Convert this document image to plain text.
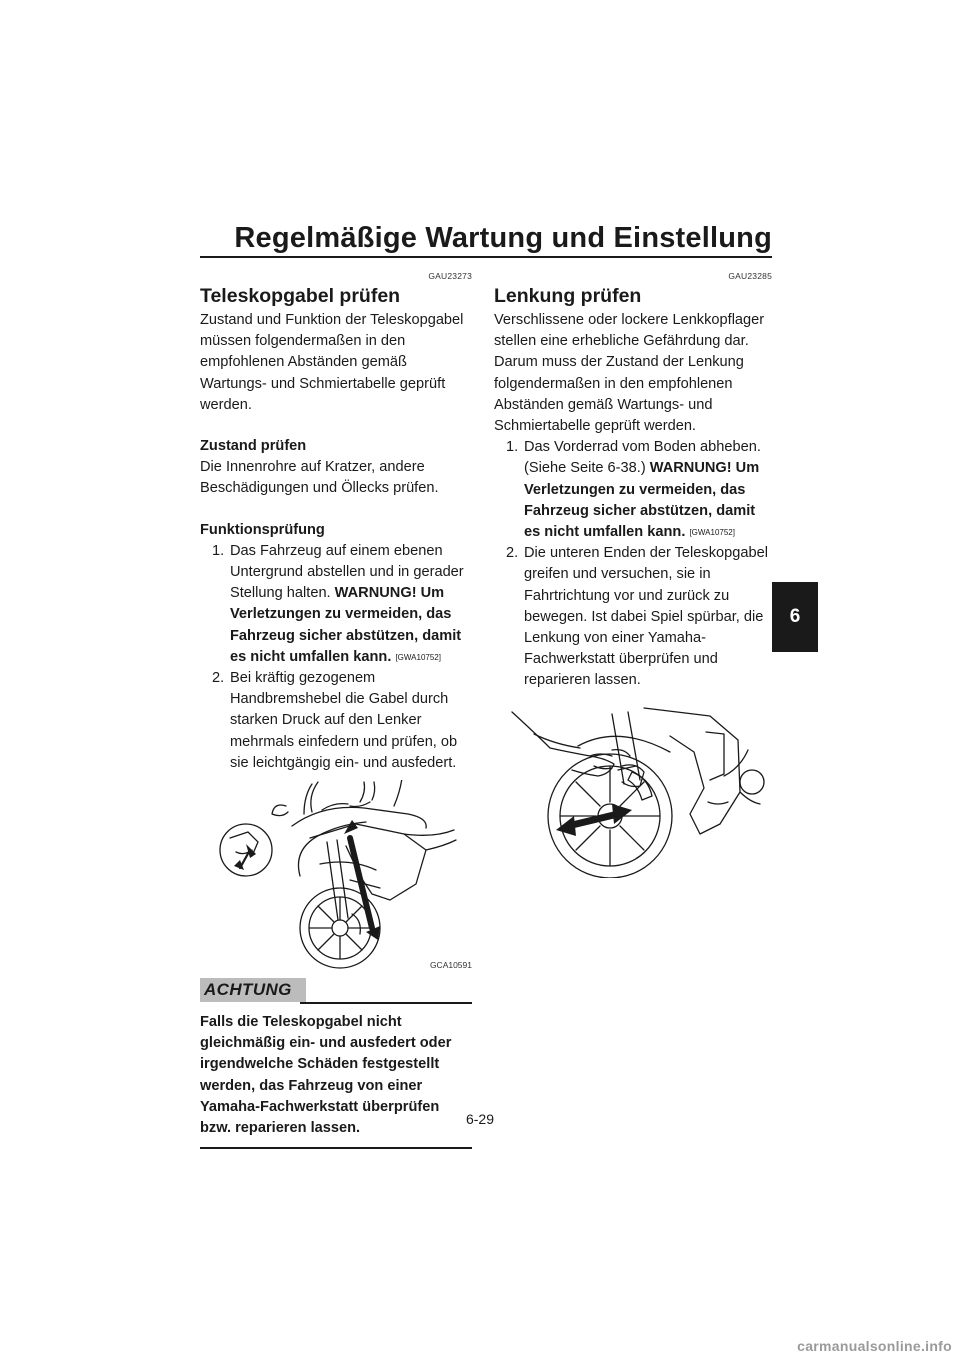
Regelmäßige Wartung und Einstellung
6
GAU23273
Teleskopgabel prüfen

Zustand und Funktion der Teleskopgabel müssen folgendermaßen in den empfohlenen Abständen gemäß Wartungs- und Schmiertabelle geprüft werden.

Zustand prüfen

Die Innenrohre auf Kratzer, andere Beschädigungen und Öllecks prüfen.

Funktionsprüfung

1. Das Fahrzeug auf einem ebenen Untergrund abstellen und in gerader Stellung halten. WARNUNG! Um Verletzungen zu vermeiden, das Fahrzeug sicher abstützen, damit es nicht umfallen kann. [GWA10752]
2. Bei kräftig gezogenem Handbremshebel die Gabel durch starken Druck auf den Lenker mehrmals einfedern und prüfen, ob sie leichtgängig ein- und ausfedert.
GCA10591
ACHTUNG

Falls die Teleskopgabel nicht gleichmäßig ein- und ausfedert oder irgendwelche Schäden festgestellt werden, das Fahrzeug von einer Yamaha-Fachwerkstatt überprüfen bzw. reparieren lassen.

GAU23285
Lenkung prüfen

Verschlissene oder lockere Lenkkopflager stellen eine erhebliche Gefährdung dar. Darum muss der Zustand der Lenkung folgendermaßen in den empfohlenen Abständen gemäß Wartungs- und Schmiertabelle geprüft werden.

1. Das Vorderrad vom Boden abheben. (Siehe Seite 6-38.) WARNUNG! Um Verletzungen zu vermeiden, das Fahrzeug sicher abstützen, damit es nicht umfallen kann. [GWA10752]
2. Die unteren Enden der Teleskopgabel greifen und versuchen, sie in Fahrtrichtung vor und zurück zu bewegen. Ist dabei Spiel spürbar, die Lenkung von einer Yamaha-Fachwerkstatt überprüfen und reparieren lassen.
6-29
carmanualsonline.info
